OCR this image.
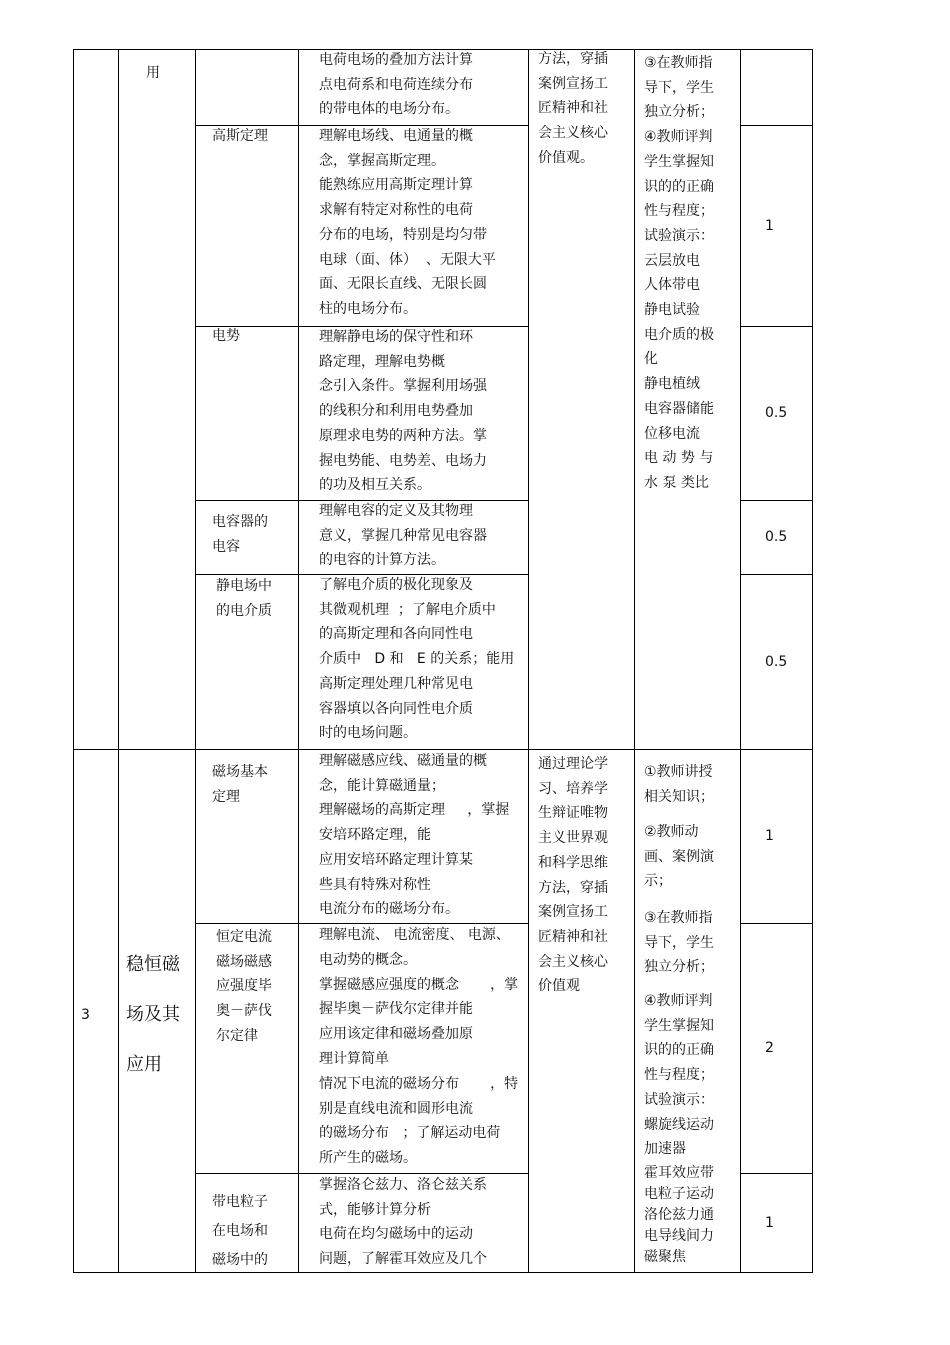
用
方法，穿插
案例宣扬工
匠精神和社
会主义核心
价值观。
③在教师指
导下，学生
独立分析；
④教师评判
学生掌握知
识的的正确
性与程度；
试验演示：
云层放电
人体带电
静电试验
电介质的极
化
静电植绒
电容器储能
位移电流
电 动 势 与
水 泵 类比
电荷电场的叠加方法计算
点电荷系和电荷连续分布
的带电体的电场分布。
高斯定理	理解电场线、电通量的概
念，掌握高斯定理。
能熟练应用高斯定理计算
求解有特定对称性的电荷
分布的电场，特别是均匀带
电球（面、体）  、无限大平
面、无限长直线、无限长圆
柱的电场分布。
1
电势	理解静电场的保守性和环
路定理，理解电势概
念引入条件。掌握利用场强
的线积分和利用电势叠加
原理求电势的两种方法。掌
握电势能、电势差、电场力
的功及相互关系。
0.5
电容器的
电容
理解电容的定义及其物理
意义，掌握几种常见电容器
的电容的计算方法。
0.5
静电场中
的电介质
了解电介质的极化现象及
其微观机理  ；了解电介质中
的高斯定理和各向同性电
介质中   D 和   E 的关系；能用
高斯定理处理几种常见电
容器填以各向同性电介质
时的电场问题。
0.5
3
稳恒磁
场及其
应用
通过理论学
习、培养学
生辩证唯物
主义世界观
和科学思维
方法，穿插
案例宣扬工
匠精神和社
会主义核心
价值观
①教师讲授
相关知识；
②教师动
画、案例演
示；
③在教师指
导下，学生
独立分析；
④教师评判
学生掌握知
识的的正确
性与程度；
试验演示：
螺旋线运动
加速器
霍耳效应带
电粒子运动
洛伦兹力通
电导线间力
磁聚焦
磁场基本
定理
理解磁感应线、磁通量的概
念，能计算磁通量；
理解磁场的高斯定理     ，掌握
安培环路定理，能
应用安培环路定理计算某
些具有特殊对称性
电流分布的磁场分布。
1
恒定电流
磁场磁感
应强度毕
奥－萨伐
尔定律
理解电流、 电流密度、 电源、
电动势的概念。
掌握磁感应强度的概念       ，掌
握毕奥－萨伐尔定律并能
应用该定律和磁场叠加原
理计算简单
情况下电流的磁场分布       ，特
别是直线电流和圆形电流
的磁场分布   ；了解运动电荷
所产生的磁场。
2
带电粒子
在电场和
磁场中的
掌握洛仑兹力、洛仑兹关系
式，能够计算分析
电荷在均匀磁场中的运动
问题，了解霍耳效应及几个
1
